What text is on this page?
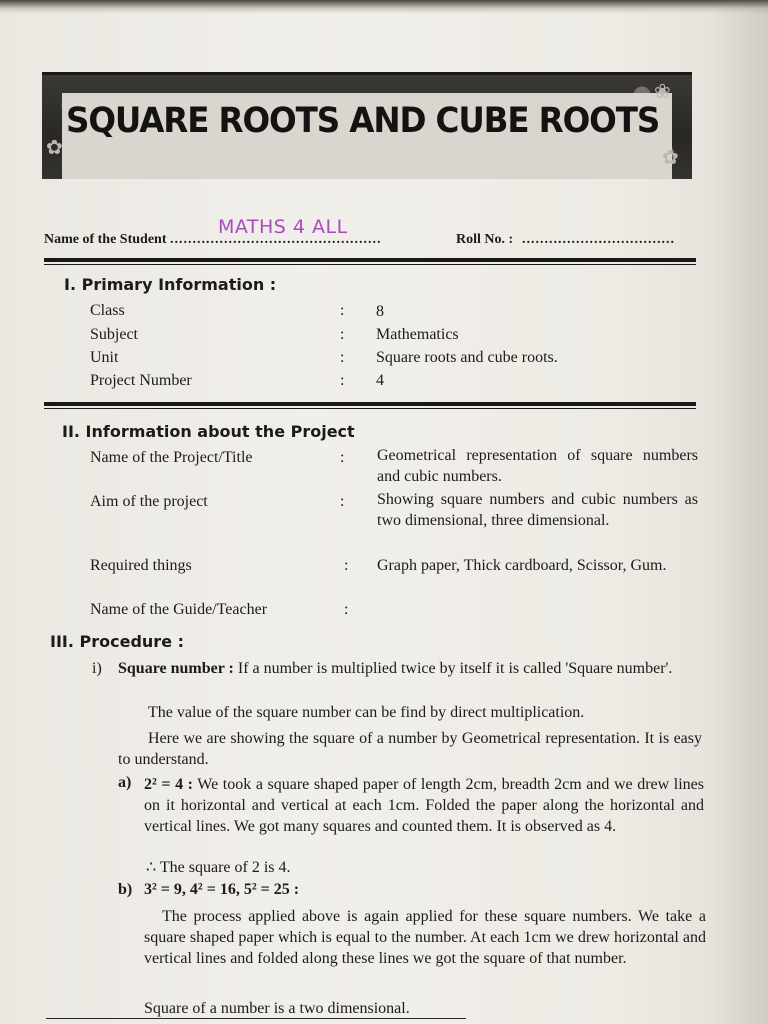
✿
❀
✿
SQUARE ROOTS AND CUBE ROOTS
MATHS 4 ALL
Name of the Student ...............................................	Roll No. : ..................................
I. Primary Information :
Class	: 8
Subject	: Mathematics
Unit	: Square roots and cube roots.
Project Number	: 4
II. Information about the Project
Name of the Project/Title	: Geometrical representation of square numbers and cubic numbers.
Aim of the project	: Showing square numbers and cubic numbers as two dimensional, three dimensional.
Required things	: Graph paper, Thick cardboard, Scissor, Gum.
Name of the Guide/Teacher	:
III. Procedure :
i) Square number : If a number is multiplied twice by itself it is called 'Square number'.
The value of the square number can be find by direct multiplication.
Here we are showing the square of a number by Geometrical representation. It is easy to understand.
a) 2² = 4 : We took a square shaped paper of length 2cm, breadth 2cm and we drew lines on it horizontal and vertical at each 1cm. Folded the paper along the horizontal and vertical lines. We got many squares and counted them. It is observed as 4.
∴ The square of 2 is 4.
b) 3² = 9, 4² = 16, 5² = 25 :
The process applied above is again applied for these square numbers. We take a square shaped paper which is equal to the number. At each 1cm we drew horizontal and vertical lines and folded along these lines we got the square of that number.
Square of a number is a two dimensional.
